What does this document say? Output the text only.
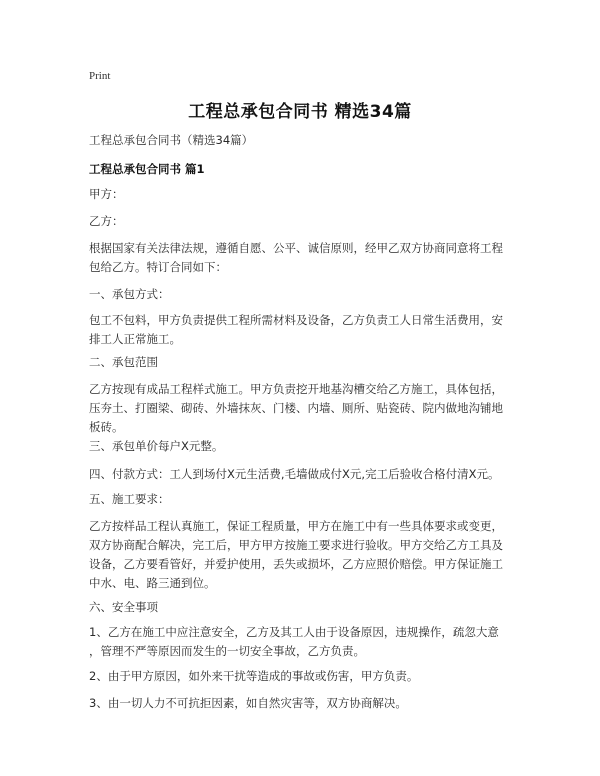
Print
工程总承包合同书 精选34篇
工程总承包合同书（精选34篇）
工程总承包合同书 篇1
甲方：
乙方：
根据国家有关法律法规，遵循自愿、公平、诚信原则，经甲乙双方协商同意将工程
包给乙方。特订合同如下：
一、承包方式：
包工不包料，甲方负责提供工程所需材料及设备，乙方负责工人日常生活费用，安
排工人正常施工。
二、承包范围
乙方按现有成品工程样式施工。甲方负责挖开地基沟槽交给乙方施工，具体包括，
压夯土、打圈梁、砌砖、外墙抹灰、门楼、内墙、厕所、贴瓷砖、院内做地沟铺地
板砖。
三、承包单价每户X元整。
四、付款方式：工人到场付X元生活费,毛墙做成付X元,完工后验收合格付清X元。
五、施工要求：
乙方按样品工程认真施工，保证工程质量，甲方在施工中有一些具体要求或变更，
双方协商配合解决，完工后，甲方甲方按施工要求进行验收。甲方交给乙方工具及
设备，乙方要看管好，并爱护使用，丢失或损坏，乙方应照价赔偿。甲方保证施工
中水、电、路三通到位。
六、安全事项
1、乙方在施工中应注意安全，乙方及其工人由于设备原因，违规操作，疏忽大意
，管理不严等原因而发生的一切安全事故，乙方负责。
2、由于甲方原因，如外来干扰等造成的事故或伤害，甲方负责。
3、由一切人力不可抗拒因素，如自然灾害等，双方协商解决。
